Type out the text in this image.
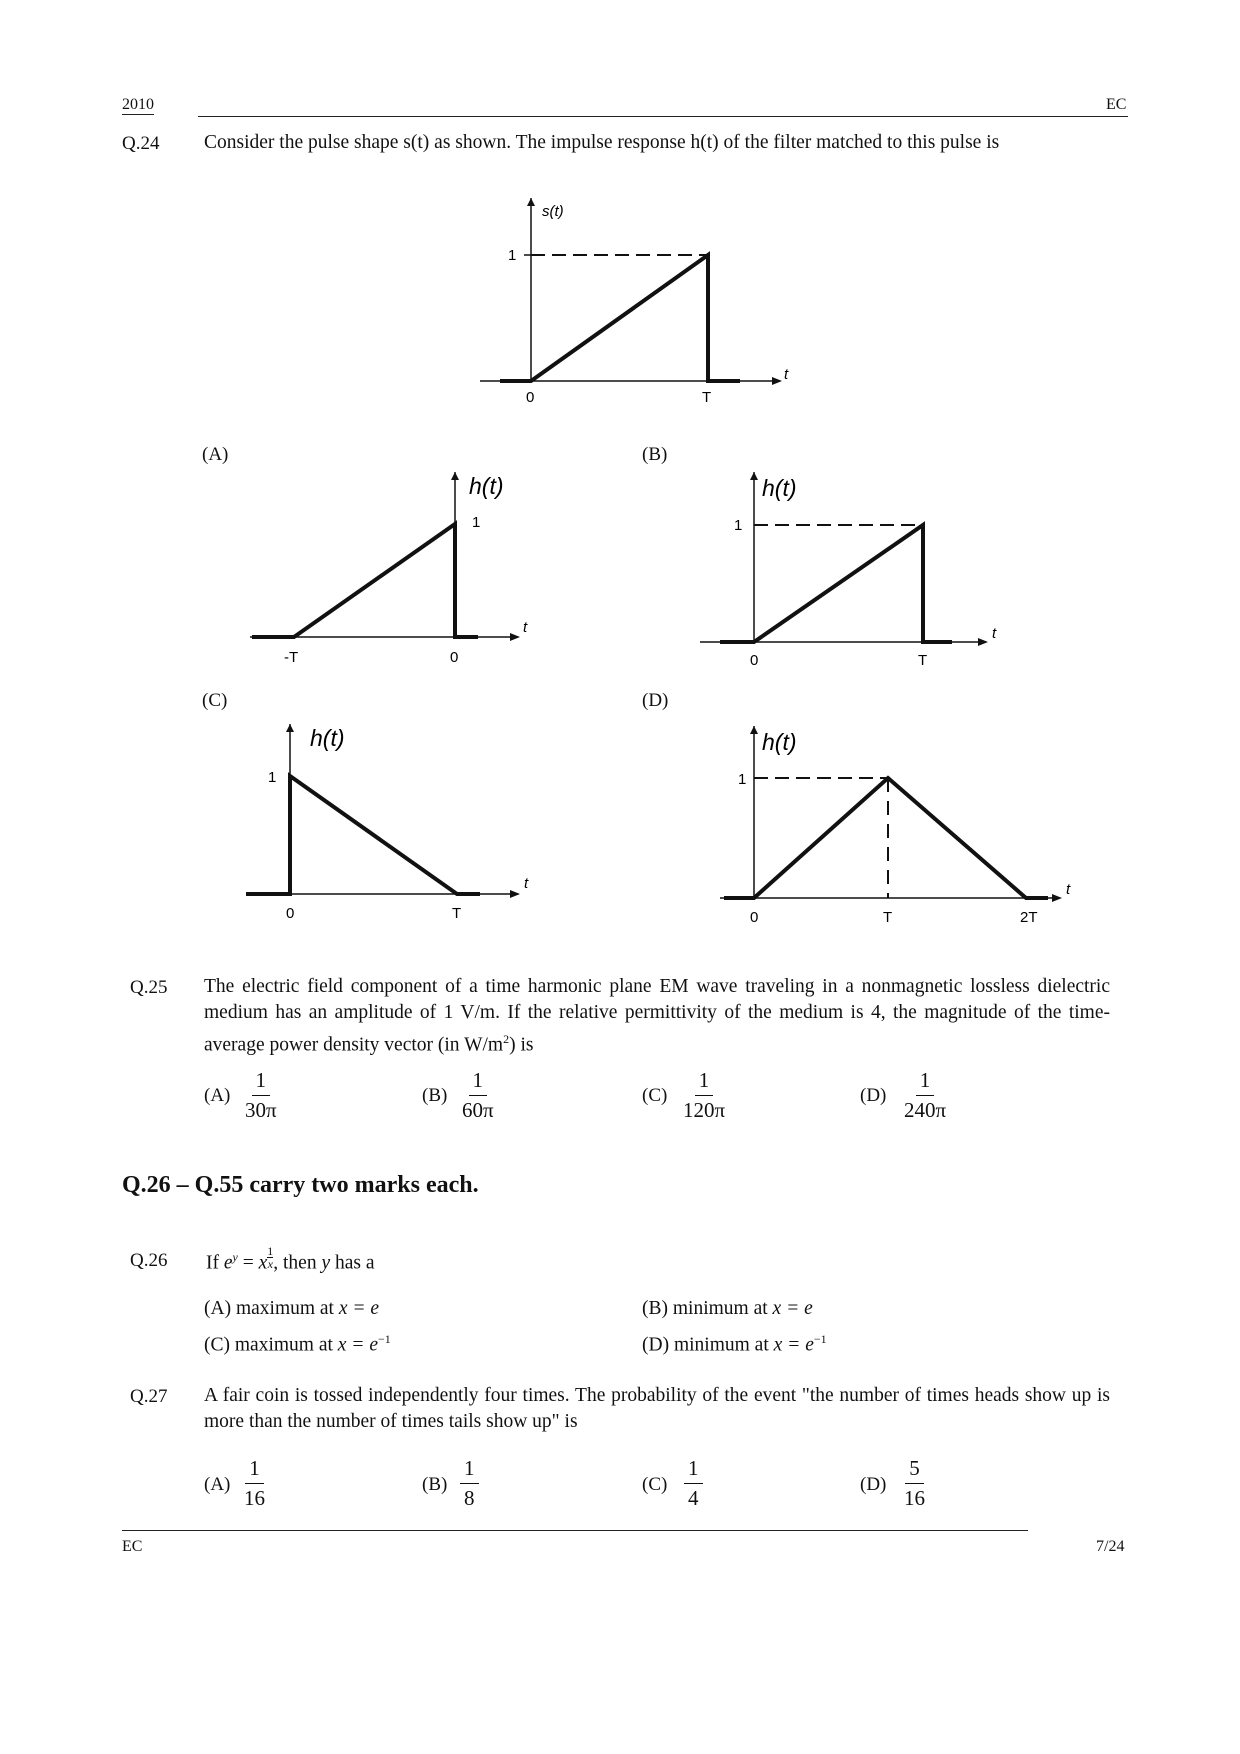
2010	EC
Q.24 Consider the pulse shape s(t) as shown. The impulse response h(t) of the filter matched to this pulse is
s(t)
t
1
0	T
(A)	(B)
(C)	(D)
h(t)
t
1
-T	0
h(t)
t
1
0	T
h(t)
t
1
0	T
h(t)
t
1
0	T	2T
Q.25 The electric field component of a time harmonic plane EM wave traveling in a nonmagnetic lossless dielectric medium has an amplitude of 1 V/m. If the relative permittivity of the medium is 4, the magnitude of the time-average power density vector (in $W/m^2$) is
$(A) \frac{1}{30\pi}$	$(B) \frac{1}{60\pi}$	$(C) \frac{1}{120\pi}$	$(D) \frac{1}{240\pi}$
Q.26 – Q.55 carry two marks each.
Q.26 If $e^y = x$ $^{\frac{1}{x}}$ , then y has a
(A) maximum at x = e	(B) minimum at x = e
(C) maximum at $x = e^{-1}$	(D) minimum at $x = e^{-1}$
Q.27 A fair coin is tossed independently four times. The probability of the event "the number of times heads show up is more than the number of times tails show up" is
$(A) \frac{1}{16}$	$(B) \frac{1}{8}$	$(C) \frac{1}{4}$	$(D) \frac{5}{16}$
EC	7/24
